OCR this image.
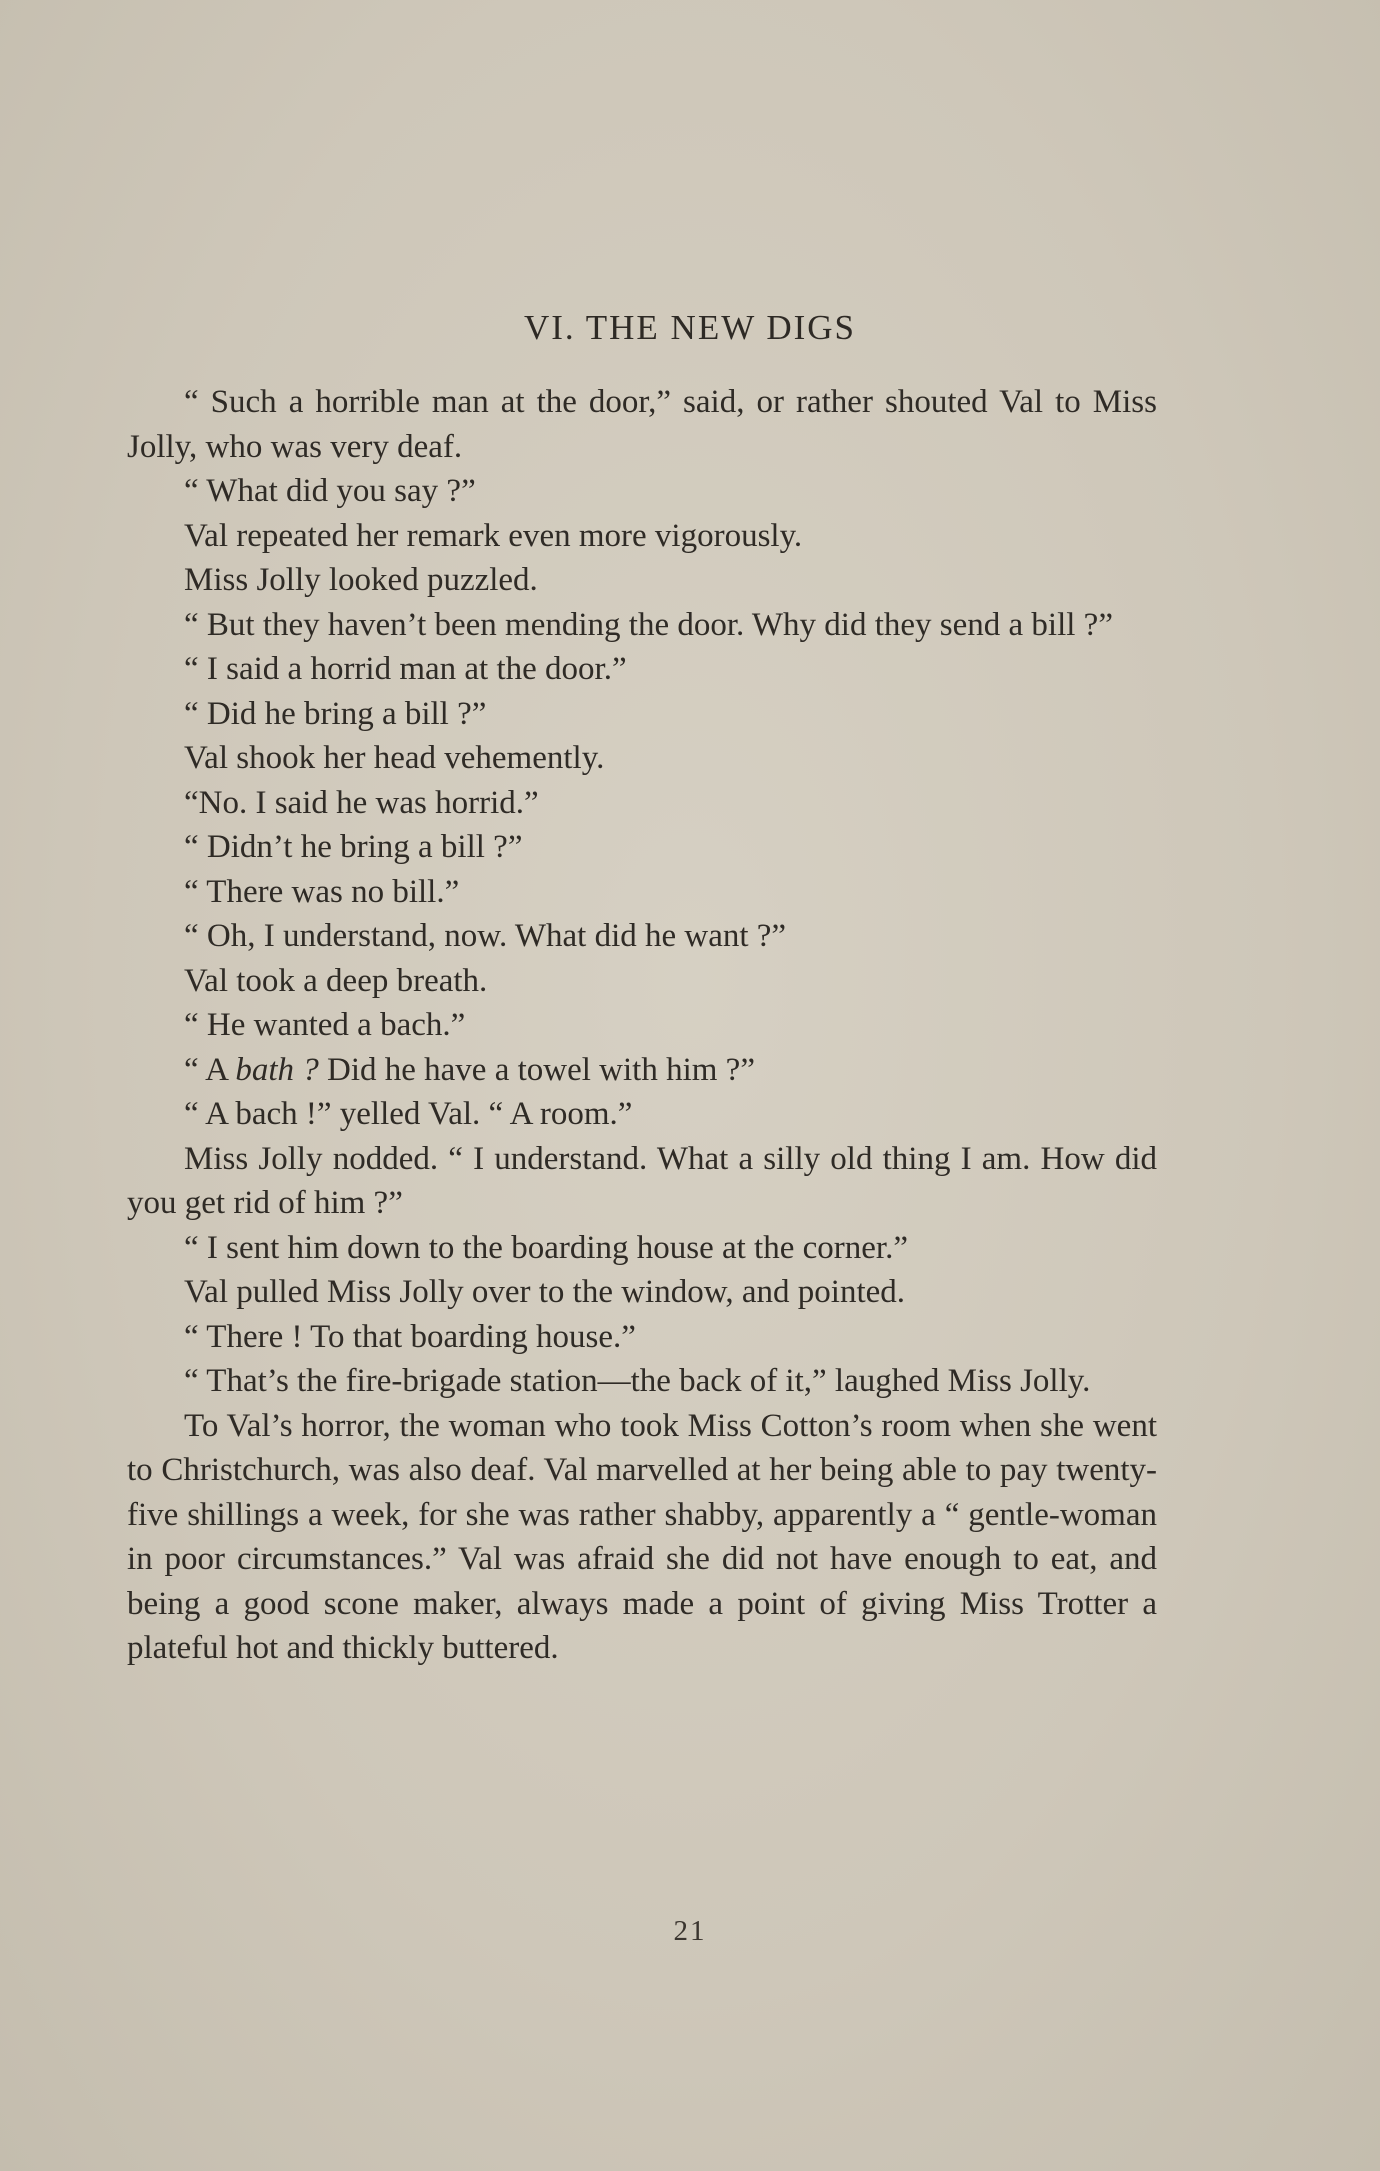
VI. THE NEW DIGS

“ Such a horrible man at the door,” said, or rather shouted Val to Miss Jolly, who was very deaf.

“ What did you say ?”

Val repeated her remark even more vigorously.

Miss Jolly looked puzzled.

“ But they haven’t been mending the door. Why did they send a bill ?”

“ I said a horrid man at the door.”

“ Did he bring a bill ?”

Val shook her head vehemently.

“No. I said he was horrid.”

“ Didn’t he bring a bill ?”

“ There was no bill.”

“ Oh, I understand, now. What did he want ?”

Val took a deep breath.

“ He wanted a bach.”

“ A bath ? Did he have a towel with him ?”

“ A bach !” yelled Val. “ A room.”

Miss Jolly nodded. “ I understand. What a silly old thing I am. How did you get rid of him ?”

“ I sent him down to the boarding house at the corner.”

Val pulled Miss Jolly over to the window, and pointed.

“ There ! To that boarding house.”

“ That’s the fire-brigade station—the back of it,” laughed Miss Jolly.

To Val’s horror, the woman who took Miss Cotton’s room when she went to Christchurch, was also deaf. Val marvelled at her being able to pay twenty-five shillings a week, for she was rather shabby, apparently a “ gentle-woman in poor circumstances.” Val was afraid she did not have enough to eat, and being a good scone maker, always made a point of giving Miss Trotter a plateful hot and thickly buttered.

21
